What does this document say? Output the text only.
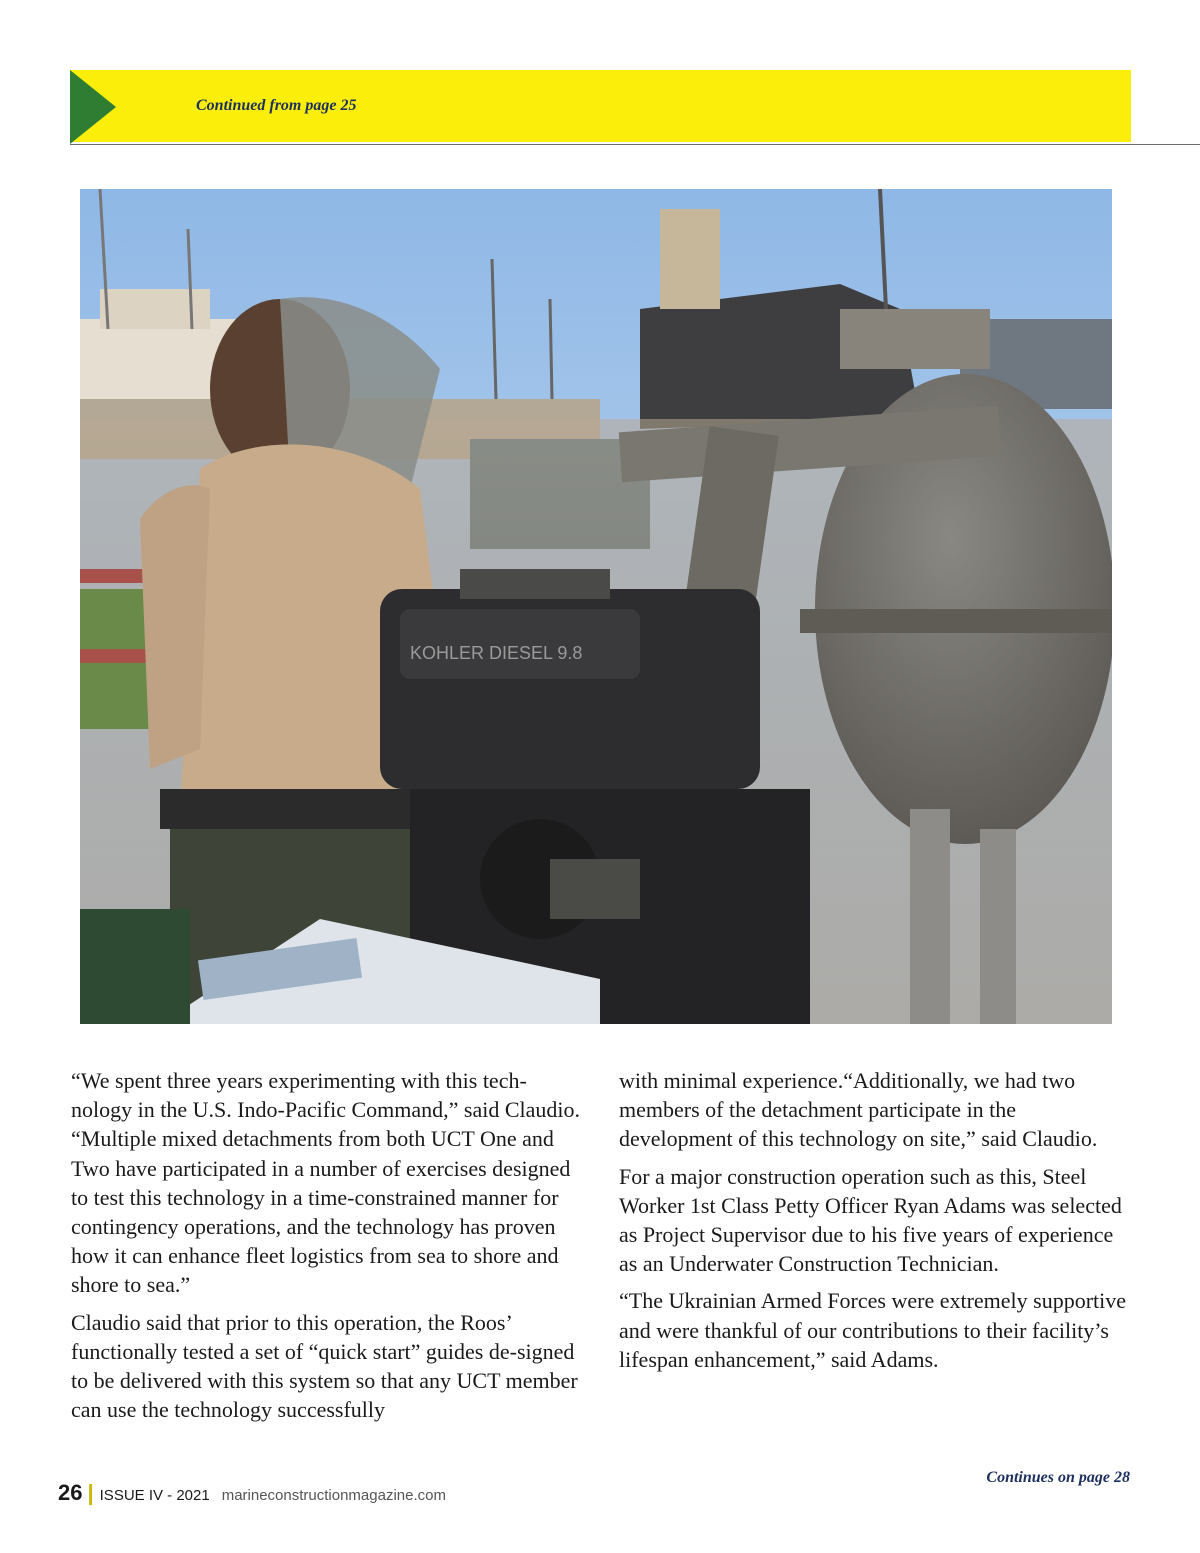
Continued from page 25
KOHLER DIESEL 9.8

“We spent three years experimenting with this tech-nology in the U.S. Indo-Pacific Command,” said Claudio. “Multiple mixed detachments from both UCT One and Two have participated in a number of exercises designed to test this technology in a time-constrained manner for contingency operations, and the technology has proven how it can enhance fleet logistics from sea to shore and shore to sea.”

Claudio said that prior to this operation, the Roos’ functionally tested a set of “quick start” guides de-signed to be delivered with this system so that any UCT member can use the technology successfully

with minimal experience.“Additionally, we had two members of the detachment participate in the development of this technology on site,” said Claudio.

For a major construction operation such as this, Steel Worker 1st Class Petty Officer Ryan Adams was selected as Project Supervisor due to his five years of experience as an Underwater Construction Technician.

“The Ukrainian Armed Forces were extremely supportive and were thankful of our contributions to their facility’s lifespan enhancement,” said Adams.

Continues on page 28
26 | ISSUE IV - 2021 marineconstructionmagazine.com
